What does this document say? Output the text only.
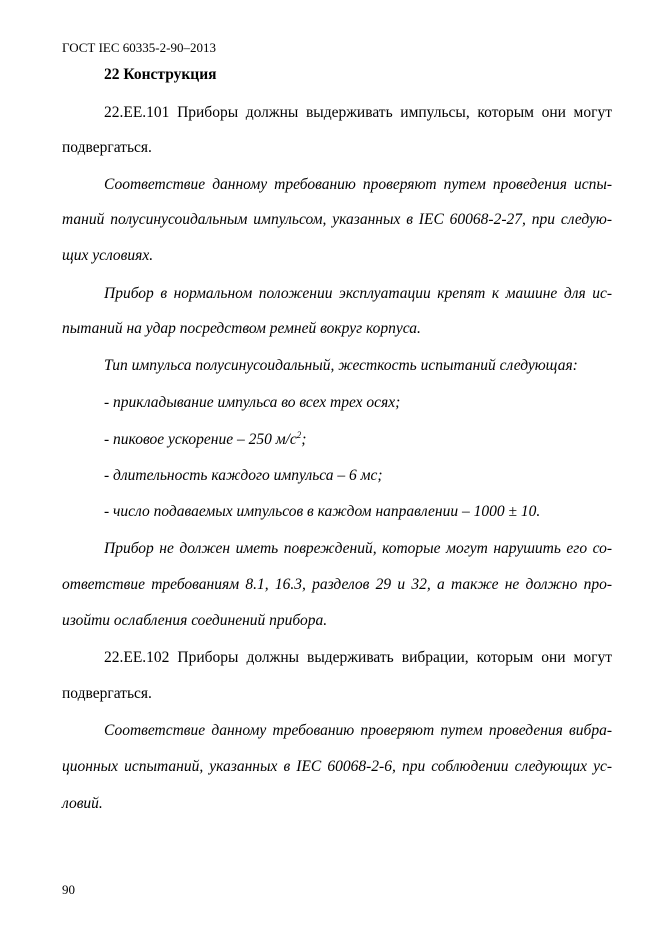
ГОСТ IEC 60335-2-90–2013
22 Конструкция
22.EE.101 Приборы должны выдерживать импульсы, которым они могут
подвергаться.
Соответствие данному требованию проверяют путем проведения испы-
таний полусинусоидальным импульсом, указанных в IEC 60068-2-27, при следую-
щих условиях.
Прибор в нормальном положении эксплуатации крепят к машине для ис-
пытаний на удар посредством ремней вокруг корпуса.
Тип импульса полусинусоидальный, жесткость испытаний следующая:
- прикладывание импульса во всех трех осях;
- длительность каждого импульса – 6 мс;
- число подаваемых импульсов в каждом направлении – 1000 ± 10.
Прибор не должен иметь повреждений, которые могут нарушить его со-
ответствие требованиям 8.1, 16.3, разделов 29 и 32, а также не должно про-
изойти ослабления соединений прибора.
22.EE.102 Приборы должны выдерживать вибрации, которым они могут
подвергаться.
Соответствие данному требованию проверяют путем проведения вибра-
ционных испытаний, указанных в IEC 60068-2-6, при соблюдении следующих ус-
ловий.
- пиковое ускорение – 250 $м/с^2$;
90
